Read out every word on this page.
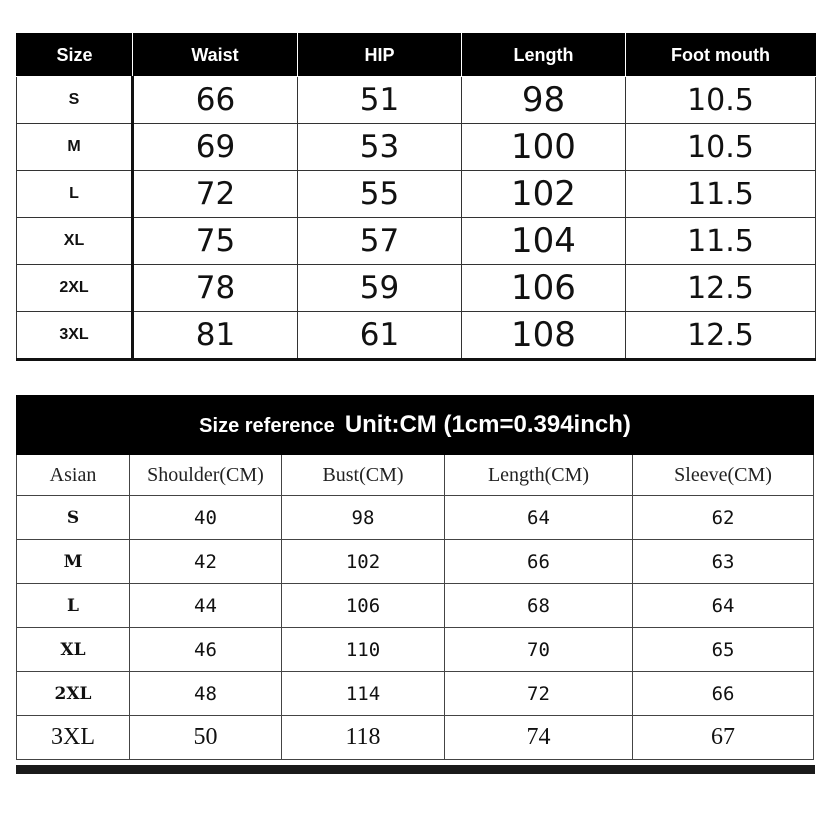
Size	Waist	HIP	Length	Foot mouth
S	66	51	98	10.5
M	69	53	100	10.5
L	72	55	102	11.5
XL	75	57	104	11.5
2XL	78	59	106	12.5
3XL	81	61	108	12.5
Size reference Unit:CM (1cm=0.394inch)				
Asian	Shoulder(CM)	Bust(CM)	Length(CM)	Sleeve(CM)
S	40	98	64	62
M	42	102	66	63
L	44	106	68	64
XL	46	110	70	65
2XL	48	114	72	66
3XL	50	118	74	67
